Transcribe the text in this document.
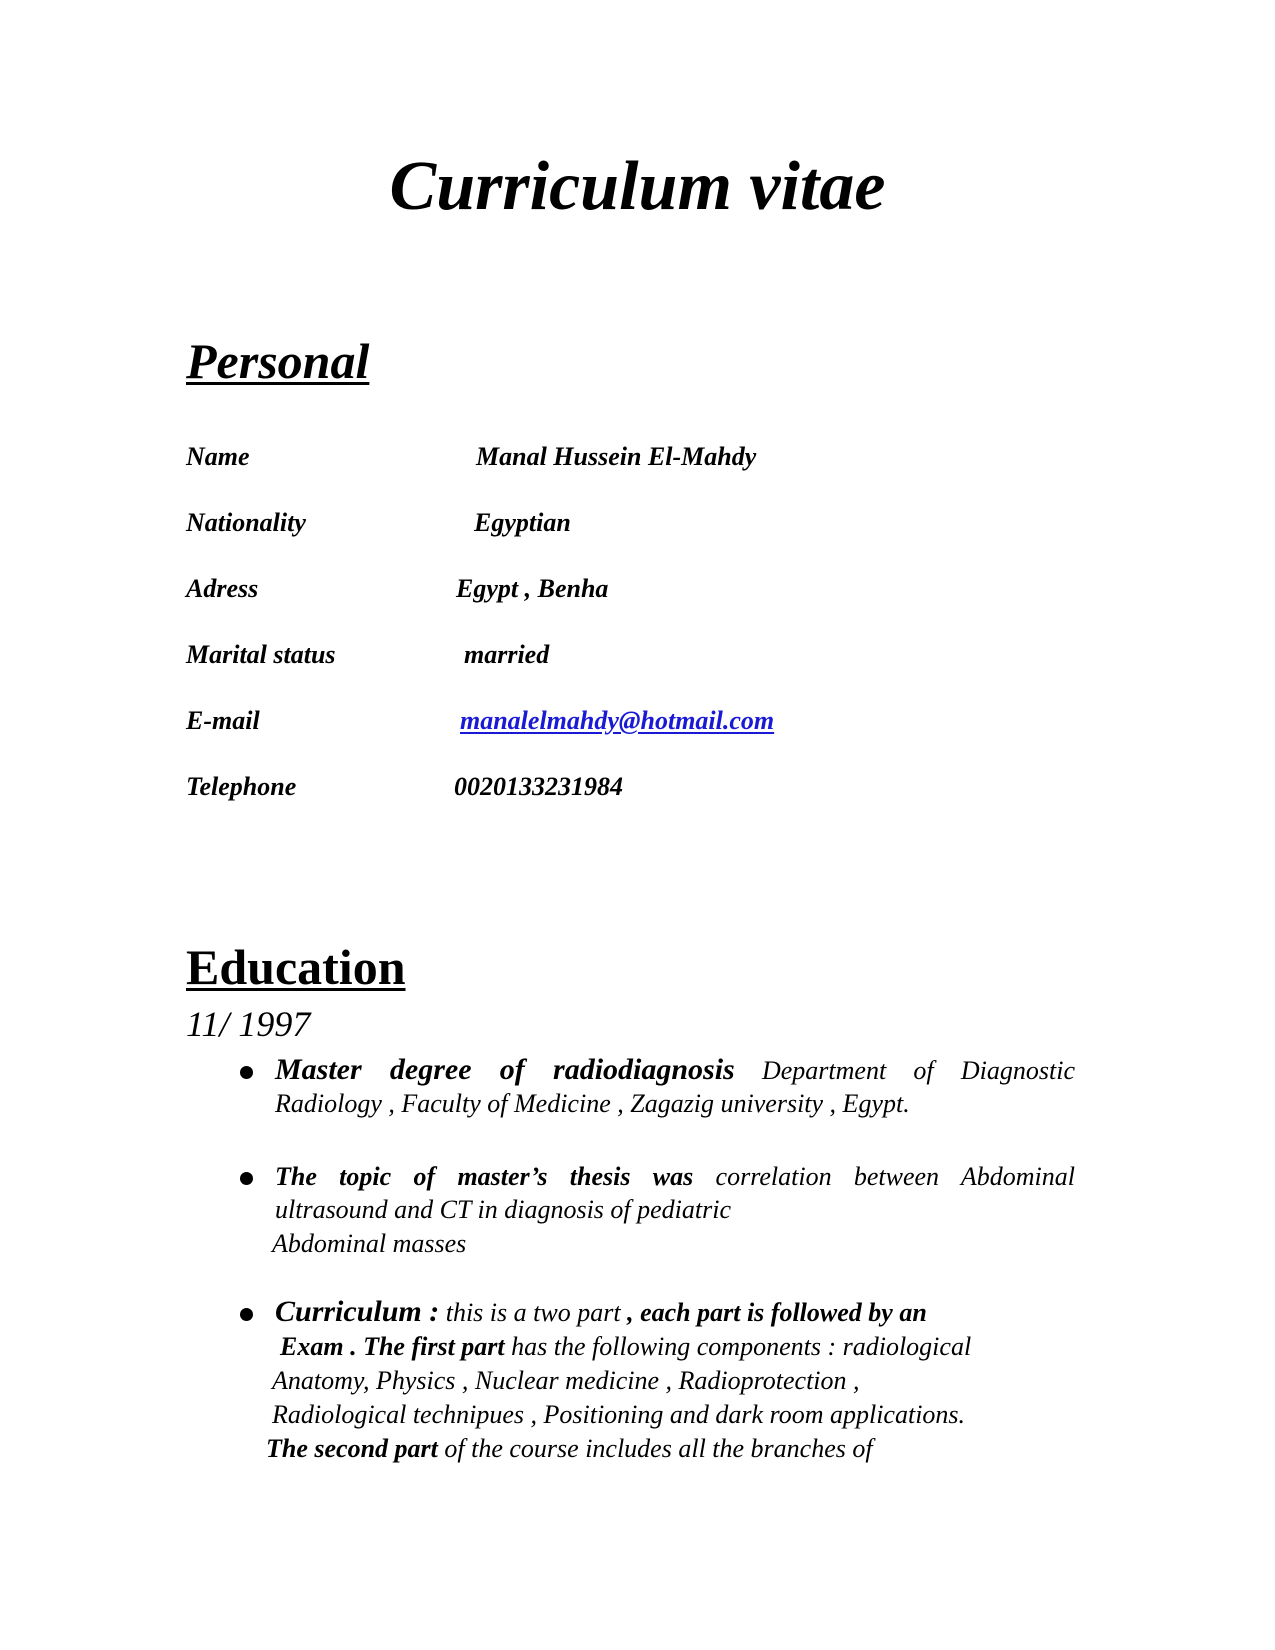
Curriculum vitae
Personal
Name	Manal Hussein El-Mahdy
Nationality	Egyptian
Adress	Egypt , Benha
Marital status	married
E-mail	manalelmahdy@hotmail.com
Telephone	0020133231984
Education
11/ 1997
Master degree of radiodiagnosis Department of Diagnostic
Radiology , Faculty of Medicine , Zagazig university , Egypt.
The topic of master’s thesis was correlation between Abdominal
ultrasound and CT in diagnosis of pediatric
Abdominal masses
Curriculum : this is a two part , each part is followed by an
Exam . The first part has the following components : radiological
Anatomy, Physics , Nuclear medicine , Radioprotection ,
Radiological technipues , Positioning and dark room applications.
The second part of the course includes all the branches of
